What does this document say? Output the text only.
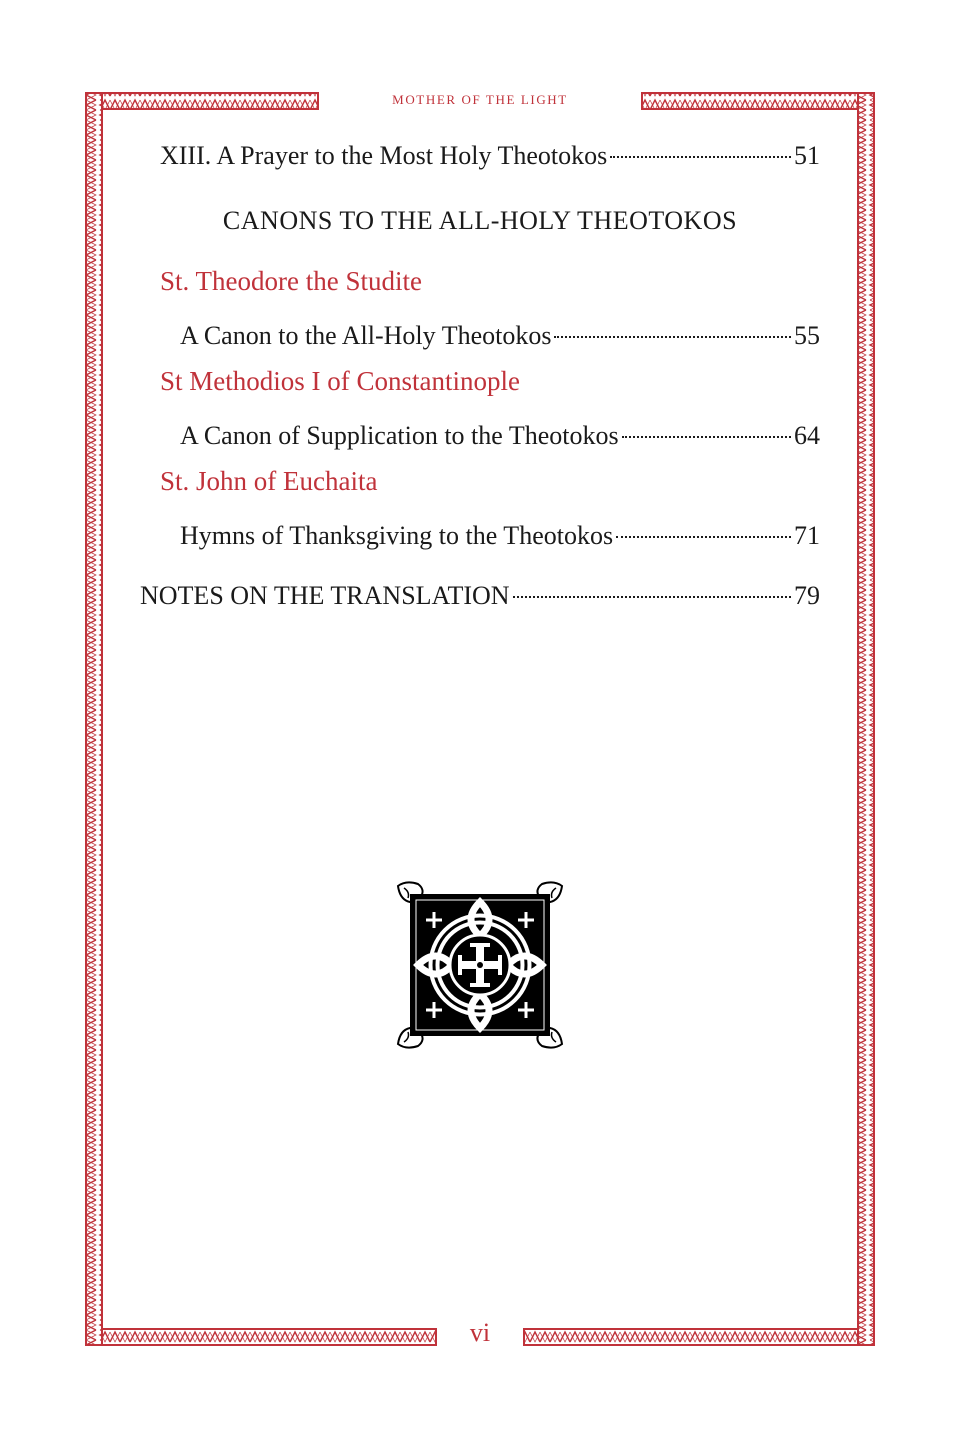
MOTHER OF THE LIGHT
XIII. A Prayer to the Most Holy Theotokos	51
CANONS TO THE ALL-HOLY THEOTOKOS
St. Theodore the Studite
A Canon to the All-Holy Theotokos	55
St Methodios I of Constantinople
A Canon of Supplication to the Theotokos	64
St. John of Euchaita
Hymns of Thanksgiving to the Theotokos	71
NOTES ON THE TRANSLATION	79
vi
